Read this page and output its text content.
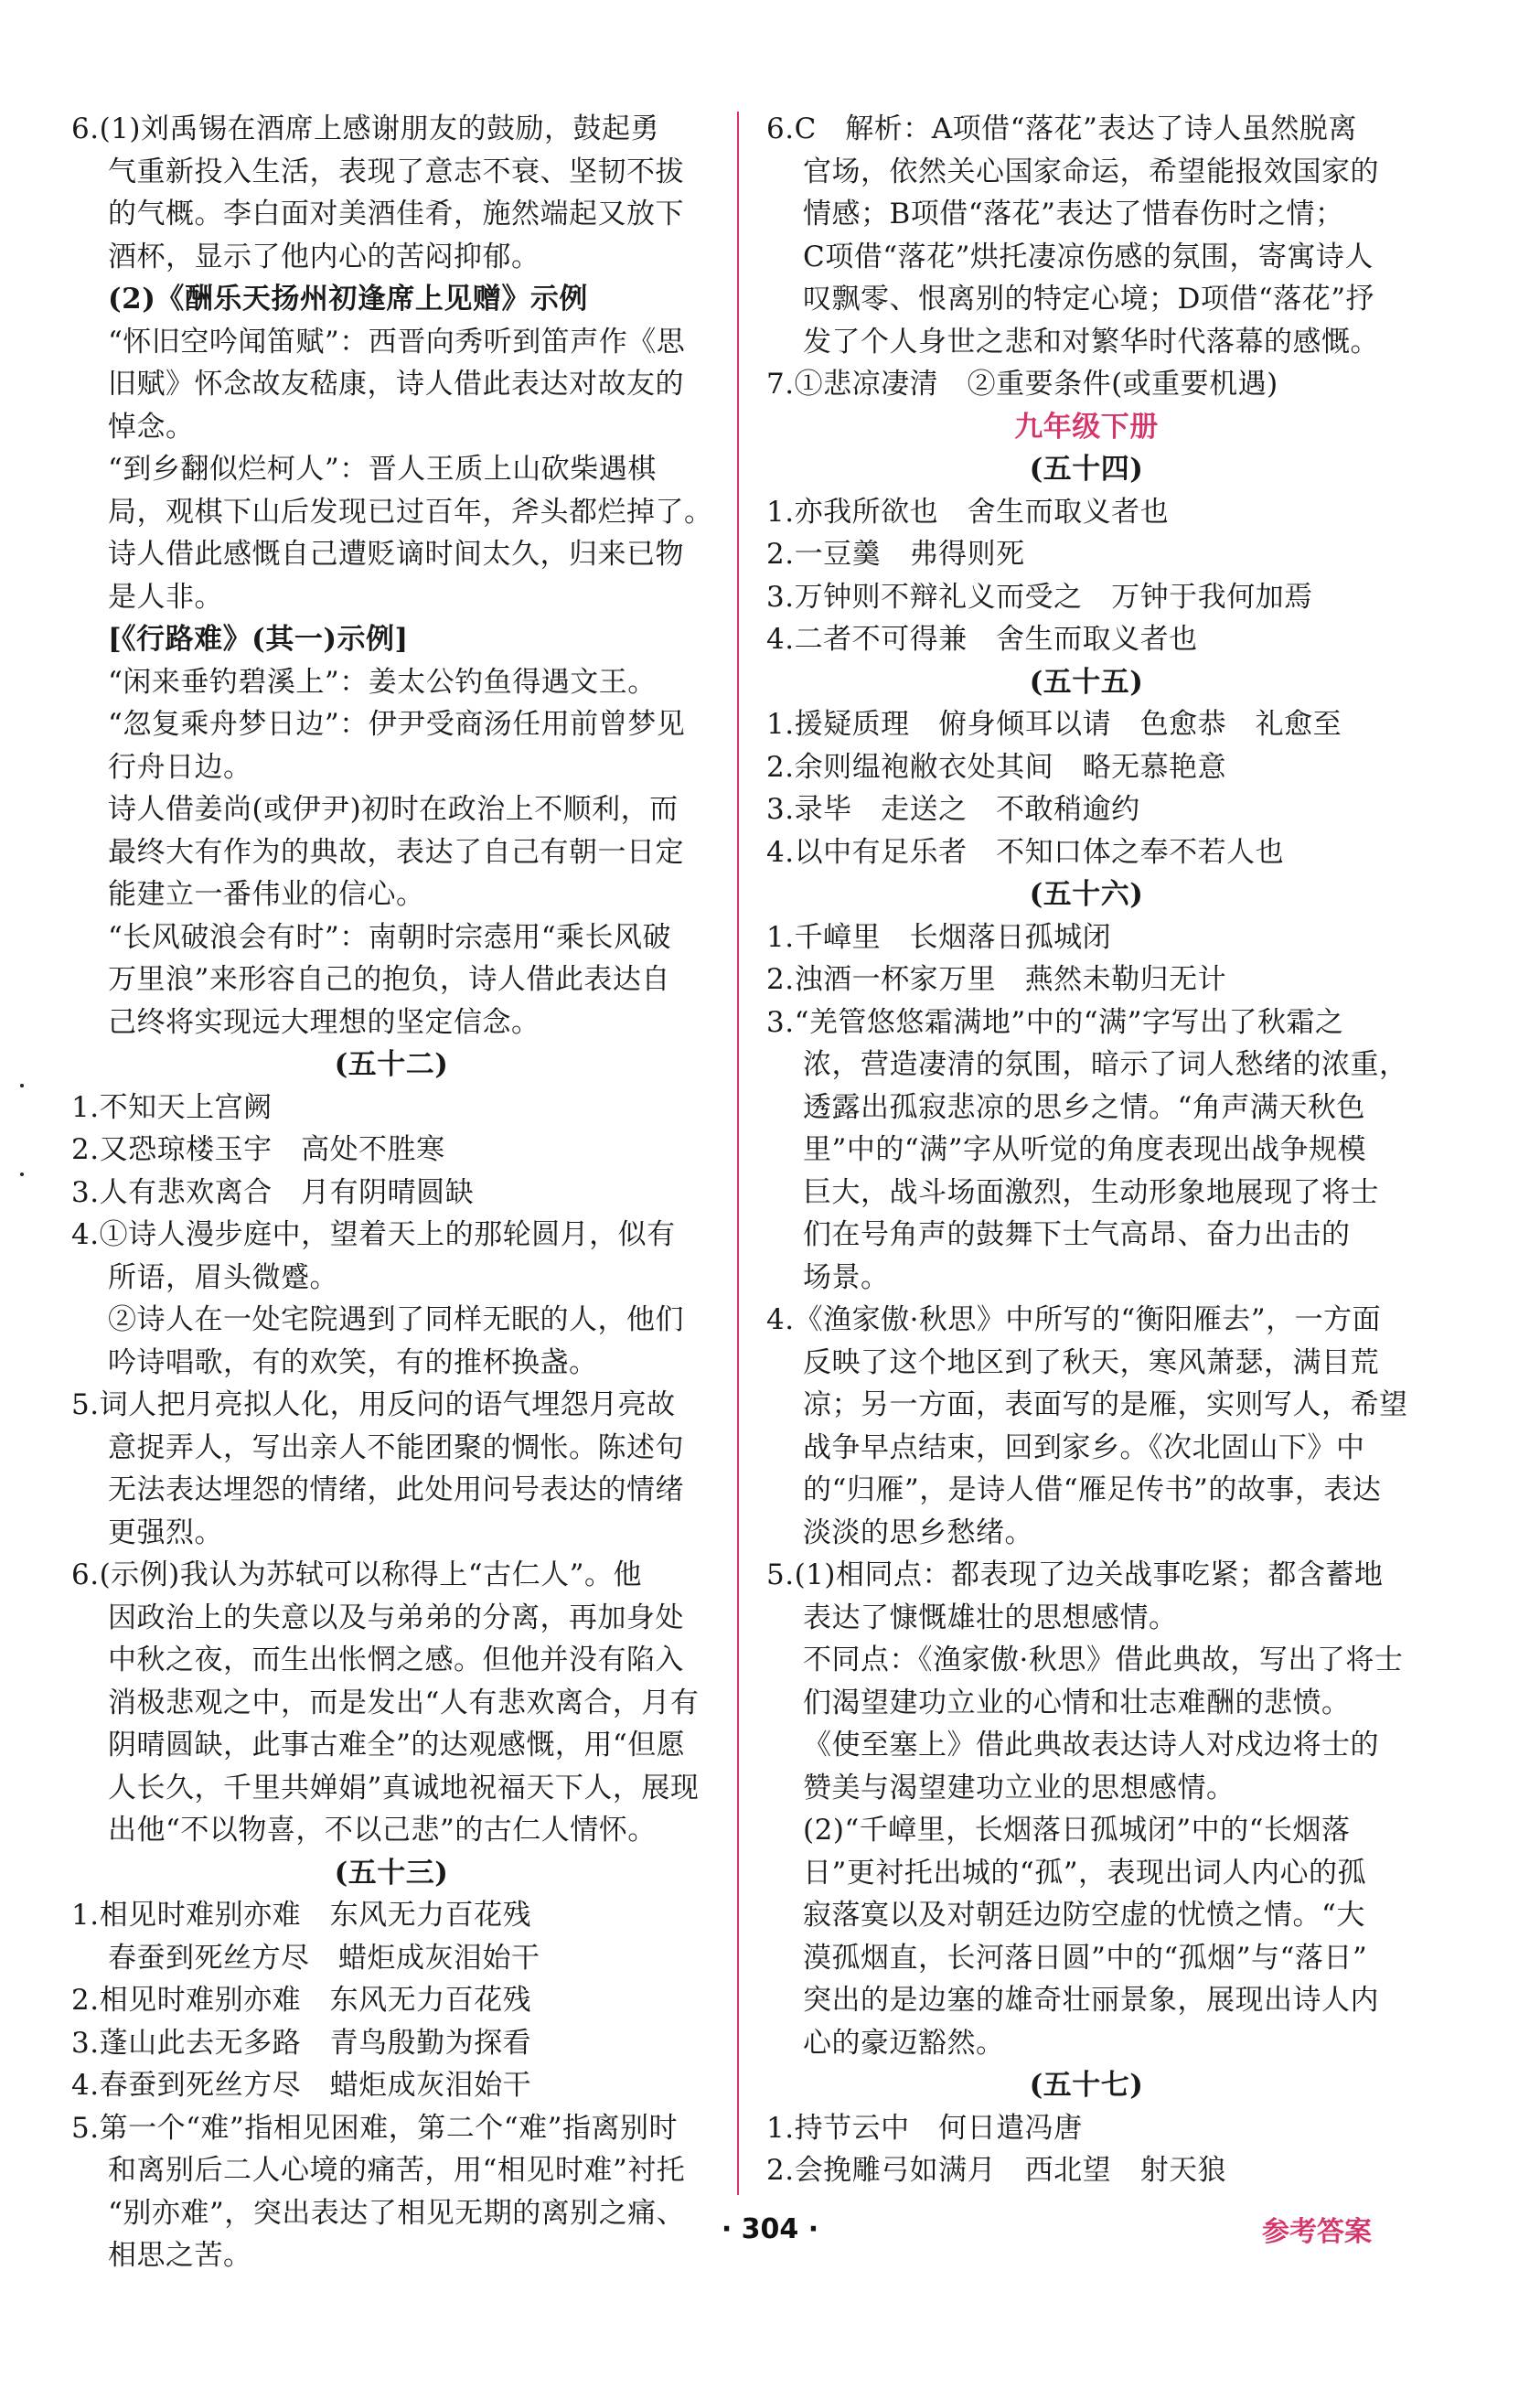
6.(1)刘禹锡在酒席上感谢朋友的鼓励，鼓起勇

气重新投入生活，表现了意志不衰、坚韧不拔

的气概。李白面对美酒佳肴，施然端起又放下

酒杯，显示了他内心的苦闷抑郁。

(2)《酬乐天扬州初逢席上见赠》示例

“怀旧空吟闻笛赋”：西晋向秀听到笛声作《思

旧赋》怀念故友嵇康，诗人借此表达对故友的

悼念。

“到乡翻似烂柯人”：晋人王质上山砍柴遇棋

局，观棋下山后发现已过百年，斧头都烂掉了。

诗人借此感慨自己遭贬谪时间太久，归来已物

是人非。

[《行路难》(其一)示例]

“闲来垂钓碧溪上”：姜太公钓鱼得遇文王。

“忽复乘舟梦日边”：伊尹受商汤任用前曾梦见

行舟日边。

诗人借姜尚(或伊尹)初时在政治上不顺利，而

最终大有作为的典故，表达了自己有朝一日定

能建立一番伟业的信心。

“长风破浪会有时”：南朝时宗悫用“乘长风破

万里浪”来形容自己的抱负，诗人借此表达自

己终将实现远大理想的坚定信念。

(五十二)

1.不知天上宫阙

2.又恐琼楼玉宇　高处不胜寒

3.人有悲欢离合　月有阴晴圆缺

4.①诗人漫步庭中，望着天上的那轮圆月，似有

所语，眉头微蹙。

②诗人在一处宅院遇到了同样无眠的人，他们

吟诗唱歌，有的欢笑，有的推杯换盏。

5.词人把月亮拟人化，用反问的语气埋怨月亮故

意捉弄人，写出亲人不能团聚的惆怅。陈述句

无法表达埋怨的情绪，此处用问号表达的情绪

更强烈。

6.(示例)我认为苏轼可以称得上“古仁人”。他

因政治上的失意以及与弟弟的分离，再加身处

中秋之夜，而生出怅惘之感。但他并没有陷入

消极悲观之中，而是发出“人有悲欢离合，月有

阴晴圆缺，此事古难全”的达观感慨，用“但愿

人长久，千里共婵娟”真诚地祝福天下人，展现

出他“不以物喜，不以己悲”的古仁人情怀。

(五十三)

1.相见时难别亦难　东风无力百花残

春蚕到死丝方尽　蜡炬成灰泪始干

2.相见时难别亦难　东风无力百花残

3.蓬山此去无多路　青鸟殷勤为探看

4.春蚕到死丝方尽　蜡炬成灰泪始干

5.第一个“难”指相见困难，第二个“难”指离别时

和离别后二人心境的痛苦，用“相见时难”衬托

“别亦难”，突出表达了相见无期的离别之痛、

相思之苦。

6.C　解析：A项借“落花”表达了诗人虽然脱离

官场，依然关心国家命运，希望能报效国家的

情感；B项借“落花”表达了惜春伤时之情；

C项借“落花”烘托凄凉伤感的氛围，寄寓诗人

叹飘零、恨离别的特定心境；D项借“落花”抒

发了个人身世之悲和对繁华时代落幕的感慨。

7.①悲凉凄清　②重要条件(或重要机遇)

九年级下册

(五十四)

1.亦我所欲也　舍生而取义者也

2.一豆羹　弗得则死

3.万钟则不辩礼义而受之　万钟于我何加焉

4.二者不可得兼　舍生而取义者也

(五十五)

1.援疑质理　俯身倾耳以请　色愈恭　礼愈至

2.余则缊袍敝衣处其间　略无慕艳意

3.录毕　走送之　不敢稍逾约

4.以中有足乐者　不知口体之奉不若人也

(五十六)

1.千嶂里　长烟落日孤城闭

2.浊酒一杯家万里　燕然未勒归无计

3.“羌管悠悠霜满地”中的“满”字写出了秋霜之

浓，营造凄清的氛围，暗示了词人愁绪的浓重，

透露出孤寂悲凉的思乡之情。“角声满天秋色

里”中的“满”字从听觉的角度表现出战争规模

巨大，战斗场面激烈，生动形象地展现了将士

们在号角声的鼓舞下士气高昂、奋力出击的

场景。

4.《渔家傲·秋思》中所写的“衡阳雁去”，一方面

反映了这个地区到了秋天，寒风萧瑟，满目荒

凉；另一方面，表面写的是雁，实则写人，希望

战争早点结束，回到家乡。《次北固山下》中

的“归雁”，是诗人借“雁足传书”的故事，表达

淡淡的思乡愁绪。

5.(1)相同点：都表现了边关战事吃紧；都含蓄地

表达了慷慨雄壮的思想感情。

不同点：《渔家傲·秋思》借此典故，写出了将士

们渴望建功立业的心情和壮志难酬的悲愤。

《使至塞上》借此典故表达诗人对戍边将士的

赞美与渴望建功立业的思想感情。

(2)“千嶂里，长烟落日孤城闭”中的“长烟落

日”更衬托出城的“孤”，表现出词人内心的孤

寂落寞以及对朝廷边防空虚的忧愤之情。“大

漠孤烟直，长河落日圆”中的“孤烟”与“落日”

突出的是边塞的雄奇壮丽景象，展现出诗人内

心的豪迈豁然。

(五十七)

1.持节云中　何日遣冯唐

2.会挽雕弓如满月　西北望　射天狼

· 304 ·	参考答案
